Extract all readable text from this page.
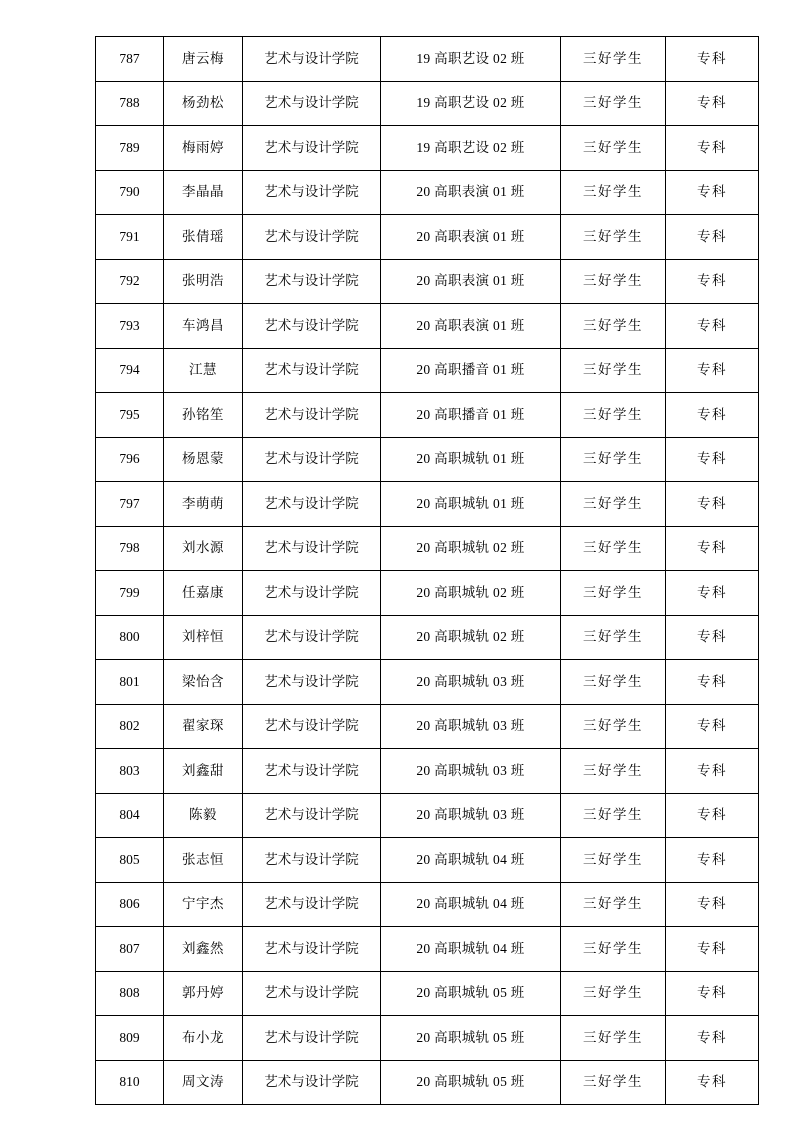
787	唐云梅	艺术与设计学院	19 高职艺设 02 班	三好学生	专科
788	杨劲松	艺术与设计学院	19 高职艺设 02 班	三好学生	专科
789	梅雨婷	艺术与设计学院	19 高职艺设 02 班	三好学生	专科
790	李晶晶	艺术与设计学院	20 高职表演 01 班	三好学生	专科
791	张倩瑶	艺术与设计学院	20 高职表演 01 班	三好学生	专科
792	张明浩	艺术与设计学院	20 高职表演 01 班	三好学生	专科
793	车鸿昌	艺术与设计学院	20 高职表演 01 班	三好学生	专科
794	江慧	艺术与设计学院	20 高职播音 01 班	三好学生	专科
795	孙铭笙	艺术与设计学院	20 高职播音 01 班	三好学生	专科
796	杨恩蒙	艺术与设计学院	20 高职城轨 01 班	三好学生	专科
797	李萌萌	艺术与设计学院	20 高职城轨 01 班	三好学生	专科
798	刘水源	艺术与设计学院	20 高职城轨 02 班	三好学生	专科
799	任嘉康	艺术与设计学院	20 高职城轨 02 班	三好学生	专科
800	刘梓恒	艺术与设计学院	20 高职城轨 02 班	三好学生	专科
801	梁怡含	艺术与设计学院	20 高职城轨 03 班	三好学生	专科
802	翟家琛	艺术与设计学院	20 高职城轨 03 班	三好学生	专科
803	刘鑫甜	艺术与设计学院	20 高职城轨 03 班	三好学生	专科
804	陈毅	艺术与设计学院	20 高职城轨 03 班	三好学生	专科
805	张志恒	艺术与设计学院	20 高职城轨 04 班	三好学生	专科
806	宁宇杰	艺术与设计学院	20 高职城轨 04 班	三好学生	专科
807	刘鑫然	艺术与设计学院	20 高职城轨 04 班	三好学生	专科
808	郭丹婷	艺术与设计学院	20 高职城轨 05 班	三好学生	专科
809	布小龙	艺术与设计学院	20 高职城轨 05 班	三好学生	专科
810	周文涛	艺术与设计学院	20 高职城轨 05 班	三好学生	专科
